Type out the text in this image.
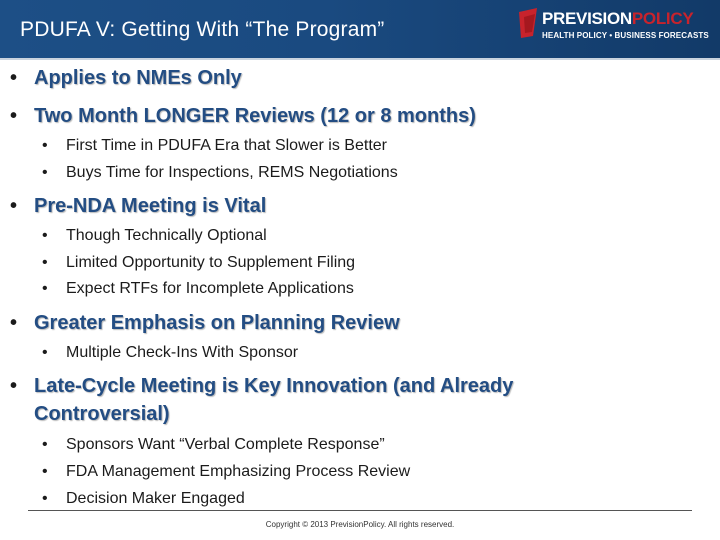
PDUFA V: Getting With “The Program”	PREVISIONPOLICY
HEALTH POLICY • BUSINESS FORECASTS
• Applies to NMEs Only
• Two Month LONGER Reviews (12 or 8 months)
• First Time in PDUFA Era that Slower is Better
• Buys Time for Inspections, REMS Negotiations
• Pre-NDA Meeting is Vital
• Though Technically Optional
• Limited Opportunity to Supplement Filing
• Expect RTFs for Incomplete Applications
• Greater Emphasis on Planning Review
• Multiple Check-Ins With Sponsor
• Late-Cycle Meeting is Key Innovation (and Already
Controversial)
• Sponsors Want “Verbal Complete Response”
• FDA Management Emphasizing Process Review
• Decision Maker Engaged
Copyright © 2013 PrevisionPolicy. All rights reserved.
